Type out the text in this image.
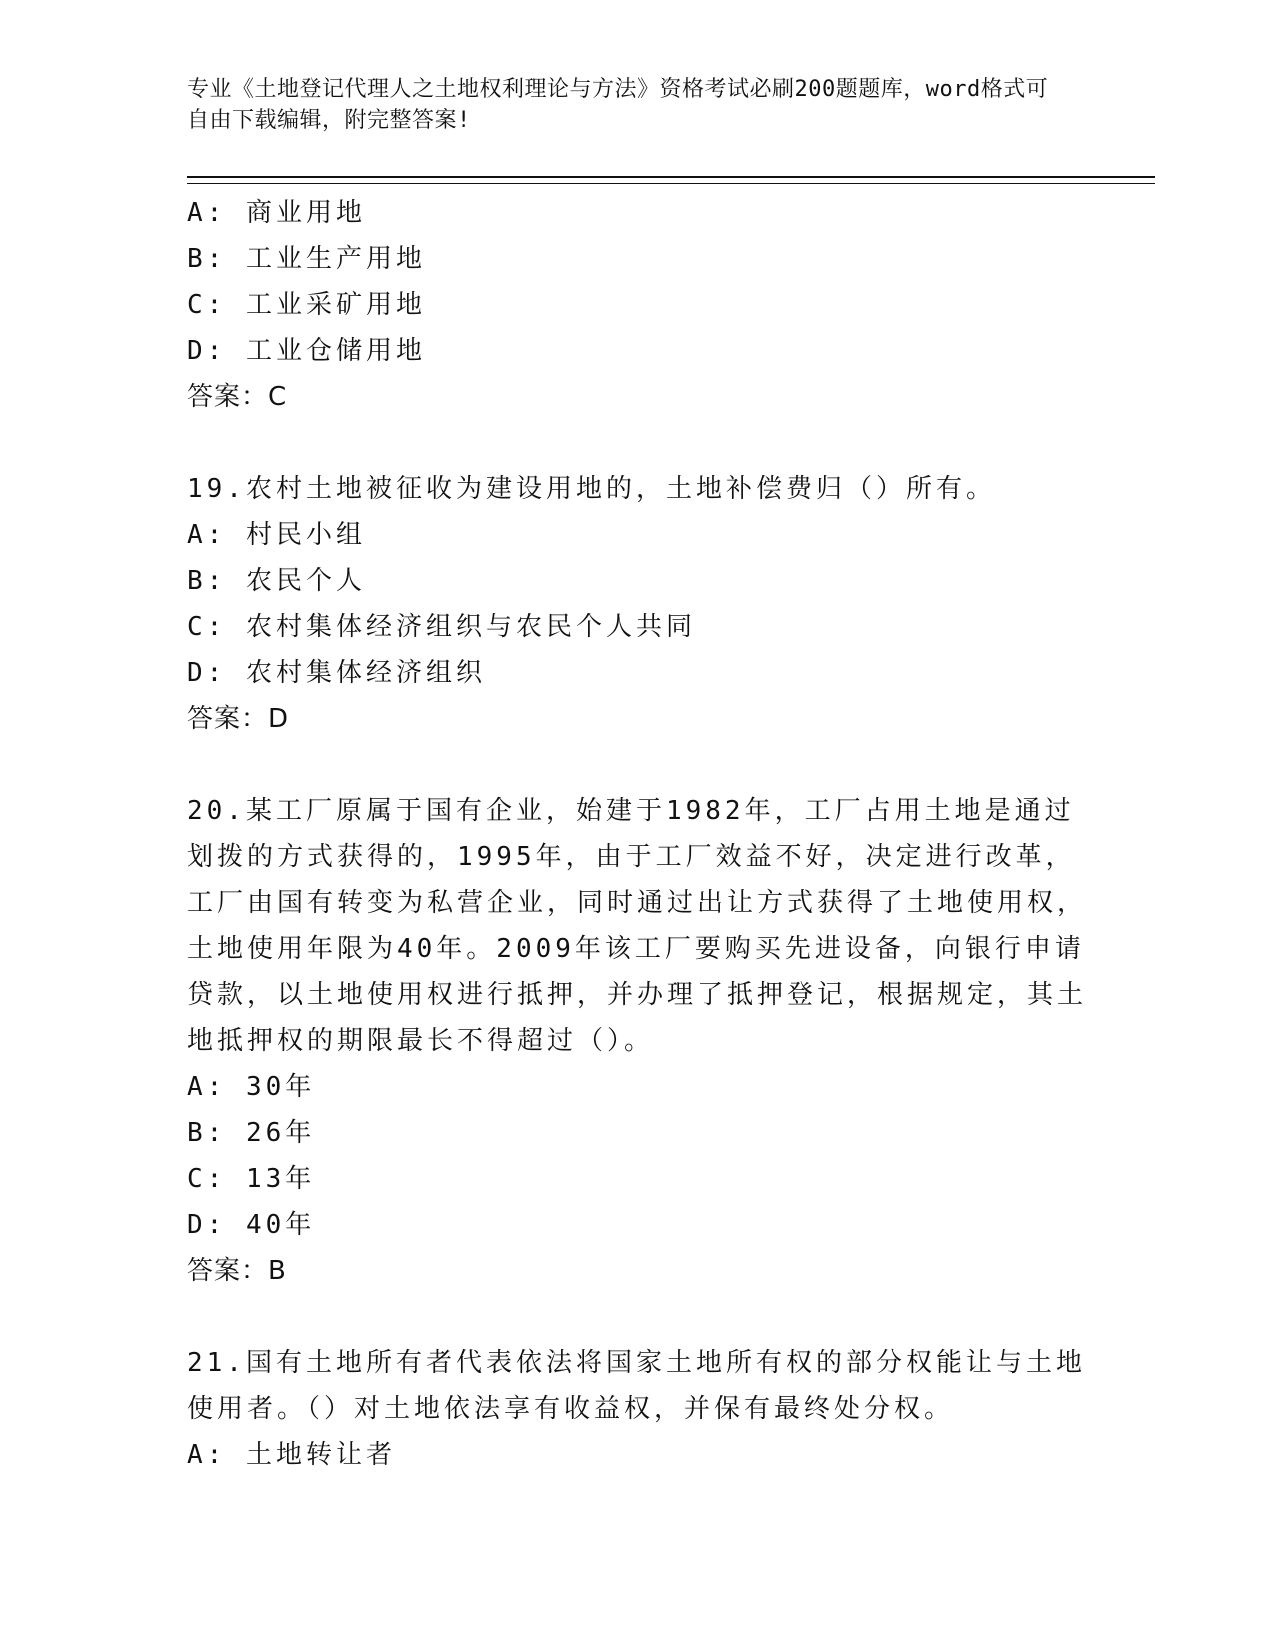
专业《土地登记代理人之土地权利理论与方法》资格考试必刷200题题库，word格式可自由下载编辑，附完整答案!
A: 商业用地
B: 工业生产用地
C: 工业采矿用地
D: 工业仓储用地
答案：C
19.农村土地被征收为建设用地的，土地补偿费归（）所有。
A: 村民小组
B: 农民个人
C: 农村集体经济组织与农民个人共同
D: 农村集体经济组织
答案：D
20.某工厂原属于国有企业，始建于1982年，工厂占用土地是通过划拨的方式获得的，1995年，由于工厂效益不好，决定进行改革，工厂由国有转变为私营企业，同时通过出让方式获得了土地使用权，土地使用年限为40年。2009年该工厂要购买先进设备，向银行申请贷款，以土地使用权进行抵押，并办理了抵押登记，根据规定，其土地抵押权的期限最长不得超过（）。
A: 30年
B: 26年
C: 13年
D: 40年
答案：B
21.国有土地所有者代表依法将国家土地所有权的部分权能让与土地使用者。（）对土地依法享有收益权，并保有最终处分权。
A: 土地转让者
